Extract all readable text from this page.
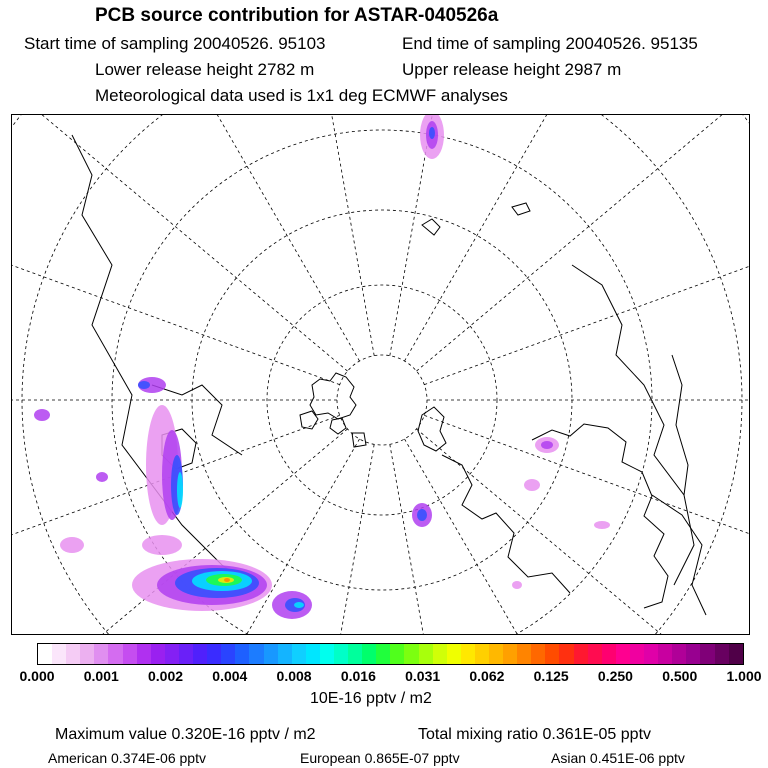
PCB source contribution for ASTAR-040526a
Start time of sampling 20040526. 95103	End time of sampling 20040526. 95135
Lower release height 2782 m	Upper release height 2987 m
Meteorological data used is 1x1 deg ECMWF analyses
0.000 0.001 0.002 0.004 0.008 0.016 0.031 0.062 0.125 0.250 0.500 1.000
10E-16 pptv / m2
Maximum value 0.320E-16 pptv / m2	Total mixing ratio 0.361E-05 pptv
American 0.374E-06 pptv	European 0.865E-07 pptv	Asian 0.451E-06 pptv
